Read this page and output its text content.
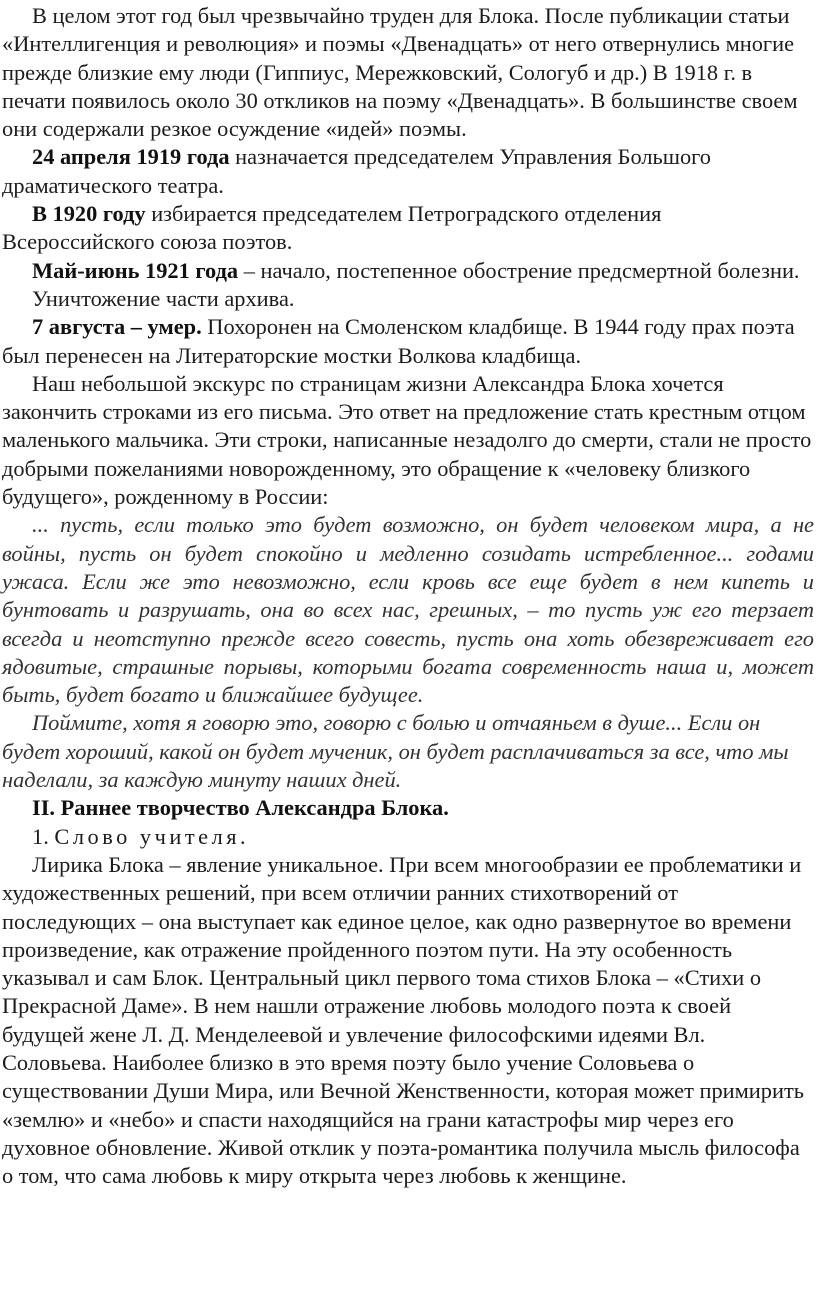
В целом этот год был чрезвычайно труден для Блока. После публикации статьи «Интеллигенция и революция» и поэмы «Двенадцать» от него отвернулись многие прежде близкие ему люди (Гиппиус, Мережковский, Сологуб и др.) В 1918 г. в печати появилось около 30 откликов на поэму «Двенадцать». В большинстве своем они содержали резкое осуждение «идей» поэмы.

24 апреля 1919 года назначается председателем Управления Большого драматического театра.

В 1920 году избирается председателем Петроградского отделения Всероссийского союза поэтов.

Май-июнь 1921 года – начало, постепенное обострение предсмертной болезни.

Уничтожение части архива.

7 августа – умер. Похоронен на Смоленском кладбище. В 1944 году прах поэта был перенесен на Литераторские мостки Волкова кладбища.

Наш небольшой экскурс по страницам жизни Александра Блока хочется закончить строками из его письма. Это ответ на предложение стать крестным отцом маленького мальчика. Эти строки, написанные незадолго до смерти, стали не просто добрыми пожеланиями новорожденному, это обращение к «человеку близкого будущего», рожденному в России:

... пусть, если только это будет возможно, он будет человеком мира, а не войны, пусть он будет спокойно и медленно созидать истребленное... годами ужаса. Если же это невозможно, если кровь все еще будет в нем кипеть и бунтовать и разрушать, она во всех нас, грешных, – то пусть уж его терзает всегда и неотступно прежде всего совесть, пусть она хоть обезвреживает его ядовитые, страшные порывы, которыми богата современность наша и, может быть, будет богато и ближайшее будущее.

Поймите, хотя я говорю это, говорю с болью и отчаяньем в душе... Если он будет хороший, какой он будет мученик, он будет расплачиваться за все, что мы наделали, за каждую минуту наших дней.

II. Раннее творчество Александра Блока.

1. Слово учителя.

Лирика Блока – явление уникальное. При всем многообразии ее проблематики и художественных решений, при всем отличии ранних стихотворений от последующих – она выступает как единое целое, как одно развернутое во времени произведение, как отражение пройденного поэтом пути. На эту особенность указывал и сам Блок. Центральный цикл первого тома стихов Блока – «Стихи о Прекрасной Даме». В нем нашли отражение любовь молодого поэта к своей будущей жене Л. Д. Менделеевой и увлечение философскими идеями Вл. Соловьева. Наиболее близко в это время поэту было учение Соловьева о существовании Души Мира, или Вечной Женственности, которая может примирить «землю» и «небо» и спасти находящийся на грани катастрофы мир через его духовное обновление. Живой отклик у поэта-романтика получила мысль философа о том, что сама любовь к миру открыта через любовь к женщине.
